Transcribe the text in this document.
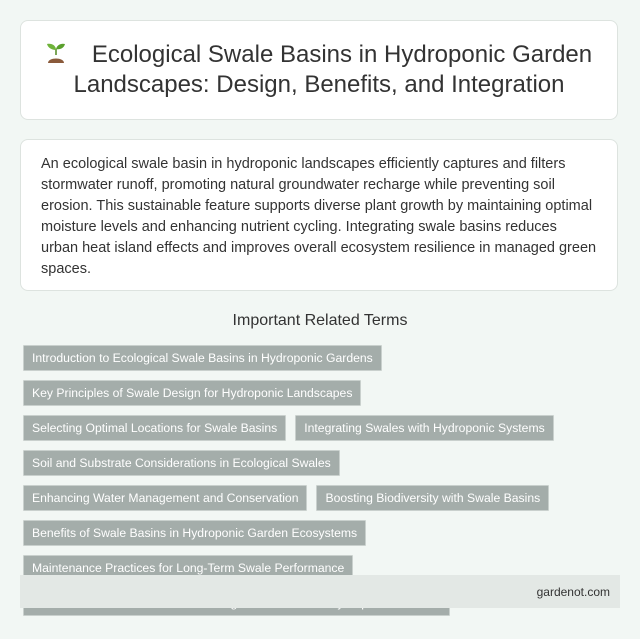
Ecological Swale Basins in Hydroponic Garden Landscapes: Design, Benefits, and Integration

An ecological swale basin in hydroponic landscapes efficiently captures and filters stormwater runoff, promoting natural groundwater recharge while preventing soil erosion. This sustainable feature supports diverse plant growth by maintaining optimal moisture levels and enhancing nutrient cycling. Integrating swale basins reduces urban heat island effects and improves overall ecosystem resilience in managed green spaces.

Important Related Terms
Introduction to Ecological Swale Basins in Hydroponic Gardens
Key Principles of Swale Design for Hydroponic Landscapes
Selecting Optimal Locations for Swale Basins	Integrating Swales with Hydroponic Systems
Soil and Substrate Considerations in Ecological Swales
Enhancing Water Management and Conservation	Boosting Biodiversity with Swale Basins
Benefits of Swale Basins in Hydroponic Garden Ecosystems
Maintenance Practices for Long-Term Swale Performance
gardenot.com
